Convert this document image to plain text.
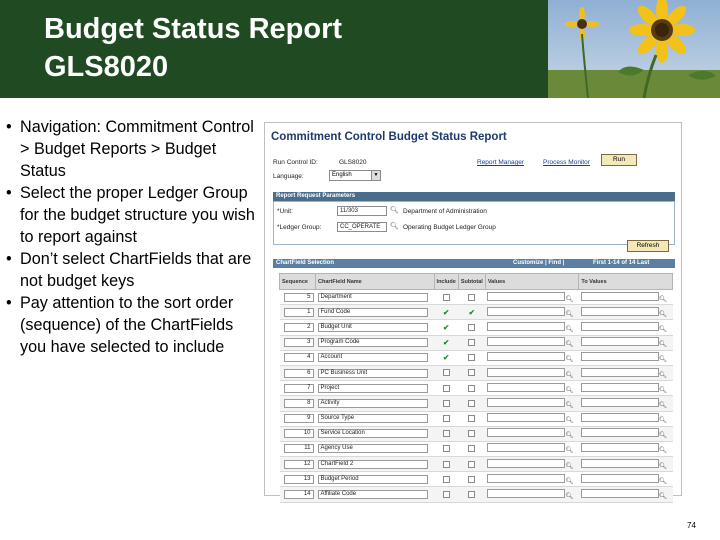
Budget Status Report
GLS8020
• Navigation: Commitment Control > Budget Reports > Budget Status
• Select the proper Ledger Group for the budget structure you wish to report against
• Don’t select ChartFields that are not budget keys
• Pay attention to the sort order (sequence) of the ChartFields you have selected to include
Commitment Control Budget Status Report
Run Control ID:	GLS8020
Language:	English	▼
Report Manager	Process Monitor	Run
Report Request Parameters
*Unit:	11/303	🔍︎ Department of Administration
*Ledger Group:	CC_OPERATE	🔍︎ Operating Budget Ledger Group
Refresh
ChartField Selection	Customize | Find |	First 1-14 of 14 Last
Sequence	ChartField Name	Include	Subtotal	Values	To Values
5	Department			🔍︎	🔍︎
1	Fund Code	✔	✔	🔍︎	🔍︎
2	Budget Unit	✔		🔍︎	🔍︎
3	Program Code	✔		🔍︎	🔍︎
4	Account	✔		🔍︎	🔍︎
6	PC Business Unit			🔍︎	🔍︎
7	Project			🔍︎	🔍︎
8	Activity			🔍︎	🔍︎
9	Source Type			🔍︎	🔍︎
10	Service Location			🔍︎	🔍︎
11	Agency Use			🔍︎	🔍︎
12	ChartField 2			🔍︎	🔍︎
13	Budget Period			🔍︎	🔍︎
14	Affiliate Code			🔍︎	🔍︎
74
